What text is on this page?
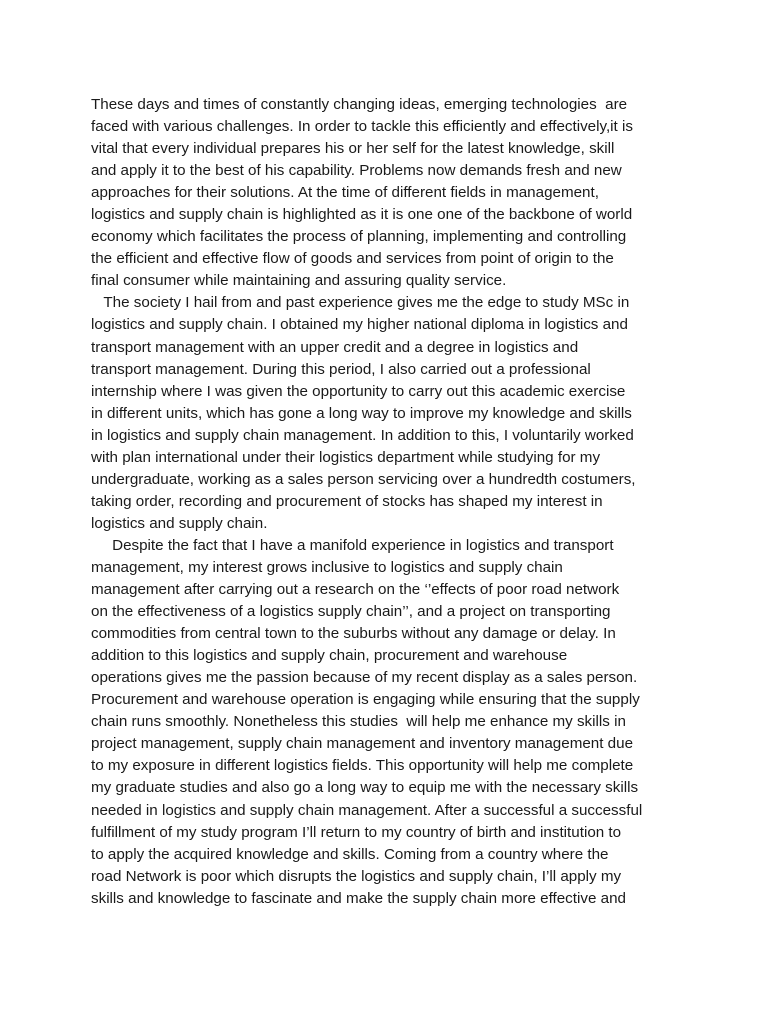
These days and times of constantly changing ideas, emerging technologies  are
faced with various challenges. In order to tackle this efficiently and effectively,it is
vital that every individual prepares his or her self for the latest knowledge, skill
and apply it to the best of his capability. Problems now demands fresh and new
approaches for their solutions. At the time of different fields in management,
logistics and supply chain is highlighted as it is one one of the backbone of world
economy which facilitates the process of planning, implementing and controlling
the efficient and effective flow of goods and services from point of origin to the
final consumer while maintaining and assuring quality service.
The society I hail from and past experience gives me the edge to study MSc in
logistics and supply chain. I obtained my higher national diploma in logistics and
transport management with an upper credit and a degree in logistics and
transport management. During this period, I also carried out a professional
internship where I was given the opportunity to carry out this academic exercise
in different units, which has gone a long way to improve my knowledge and skills
in logistics and supply chain management. In addition to this, I voluntarily worked
with plan international under their logistics department while studying for my
undergraduate, working as a sales person servicing over a hundredth costumers,
taking order, recording and procurement of stocks has shaped my interest in
logistics and supply chain.
Despite the fact that I have a manifold experience in logistics and transport
management, my interest grows inclusive to logistics and supply chain
management after carrying out a research on the ‘’effects of poor road network
on the effectiveness of a logistics supply chain’’, and a project on transporting
commodities from central town to the suburbs without any damage or delay. In
addition to this logistics and supply chain, procurement and warehouse
operations gives me the passion because of my recent display as a sales person.
Procurement and warehouse operation is engaging while ensuring that the supply
chain runs smoothly. Nonetheless this studies  will help me enhance my skills in
project management, supply chain management and inventory management due
to my exposure in different logistics fields. This opportunity will help me complete
my graduate studies and also go a long way to equip me with the necessary skills
needed in logistics and supply chain management. After a successful a successful
fulfillment of my study program I’ll return to my country of birth and institution to
to apply the acquired knowledge and skills. Coming from a country where the
road Network is poor which disrupts the logistics and supply chain, I’ll apply my
skills and knowledge to fascinate and make the supply chain more effective and
